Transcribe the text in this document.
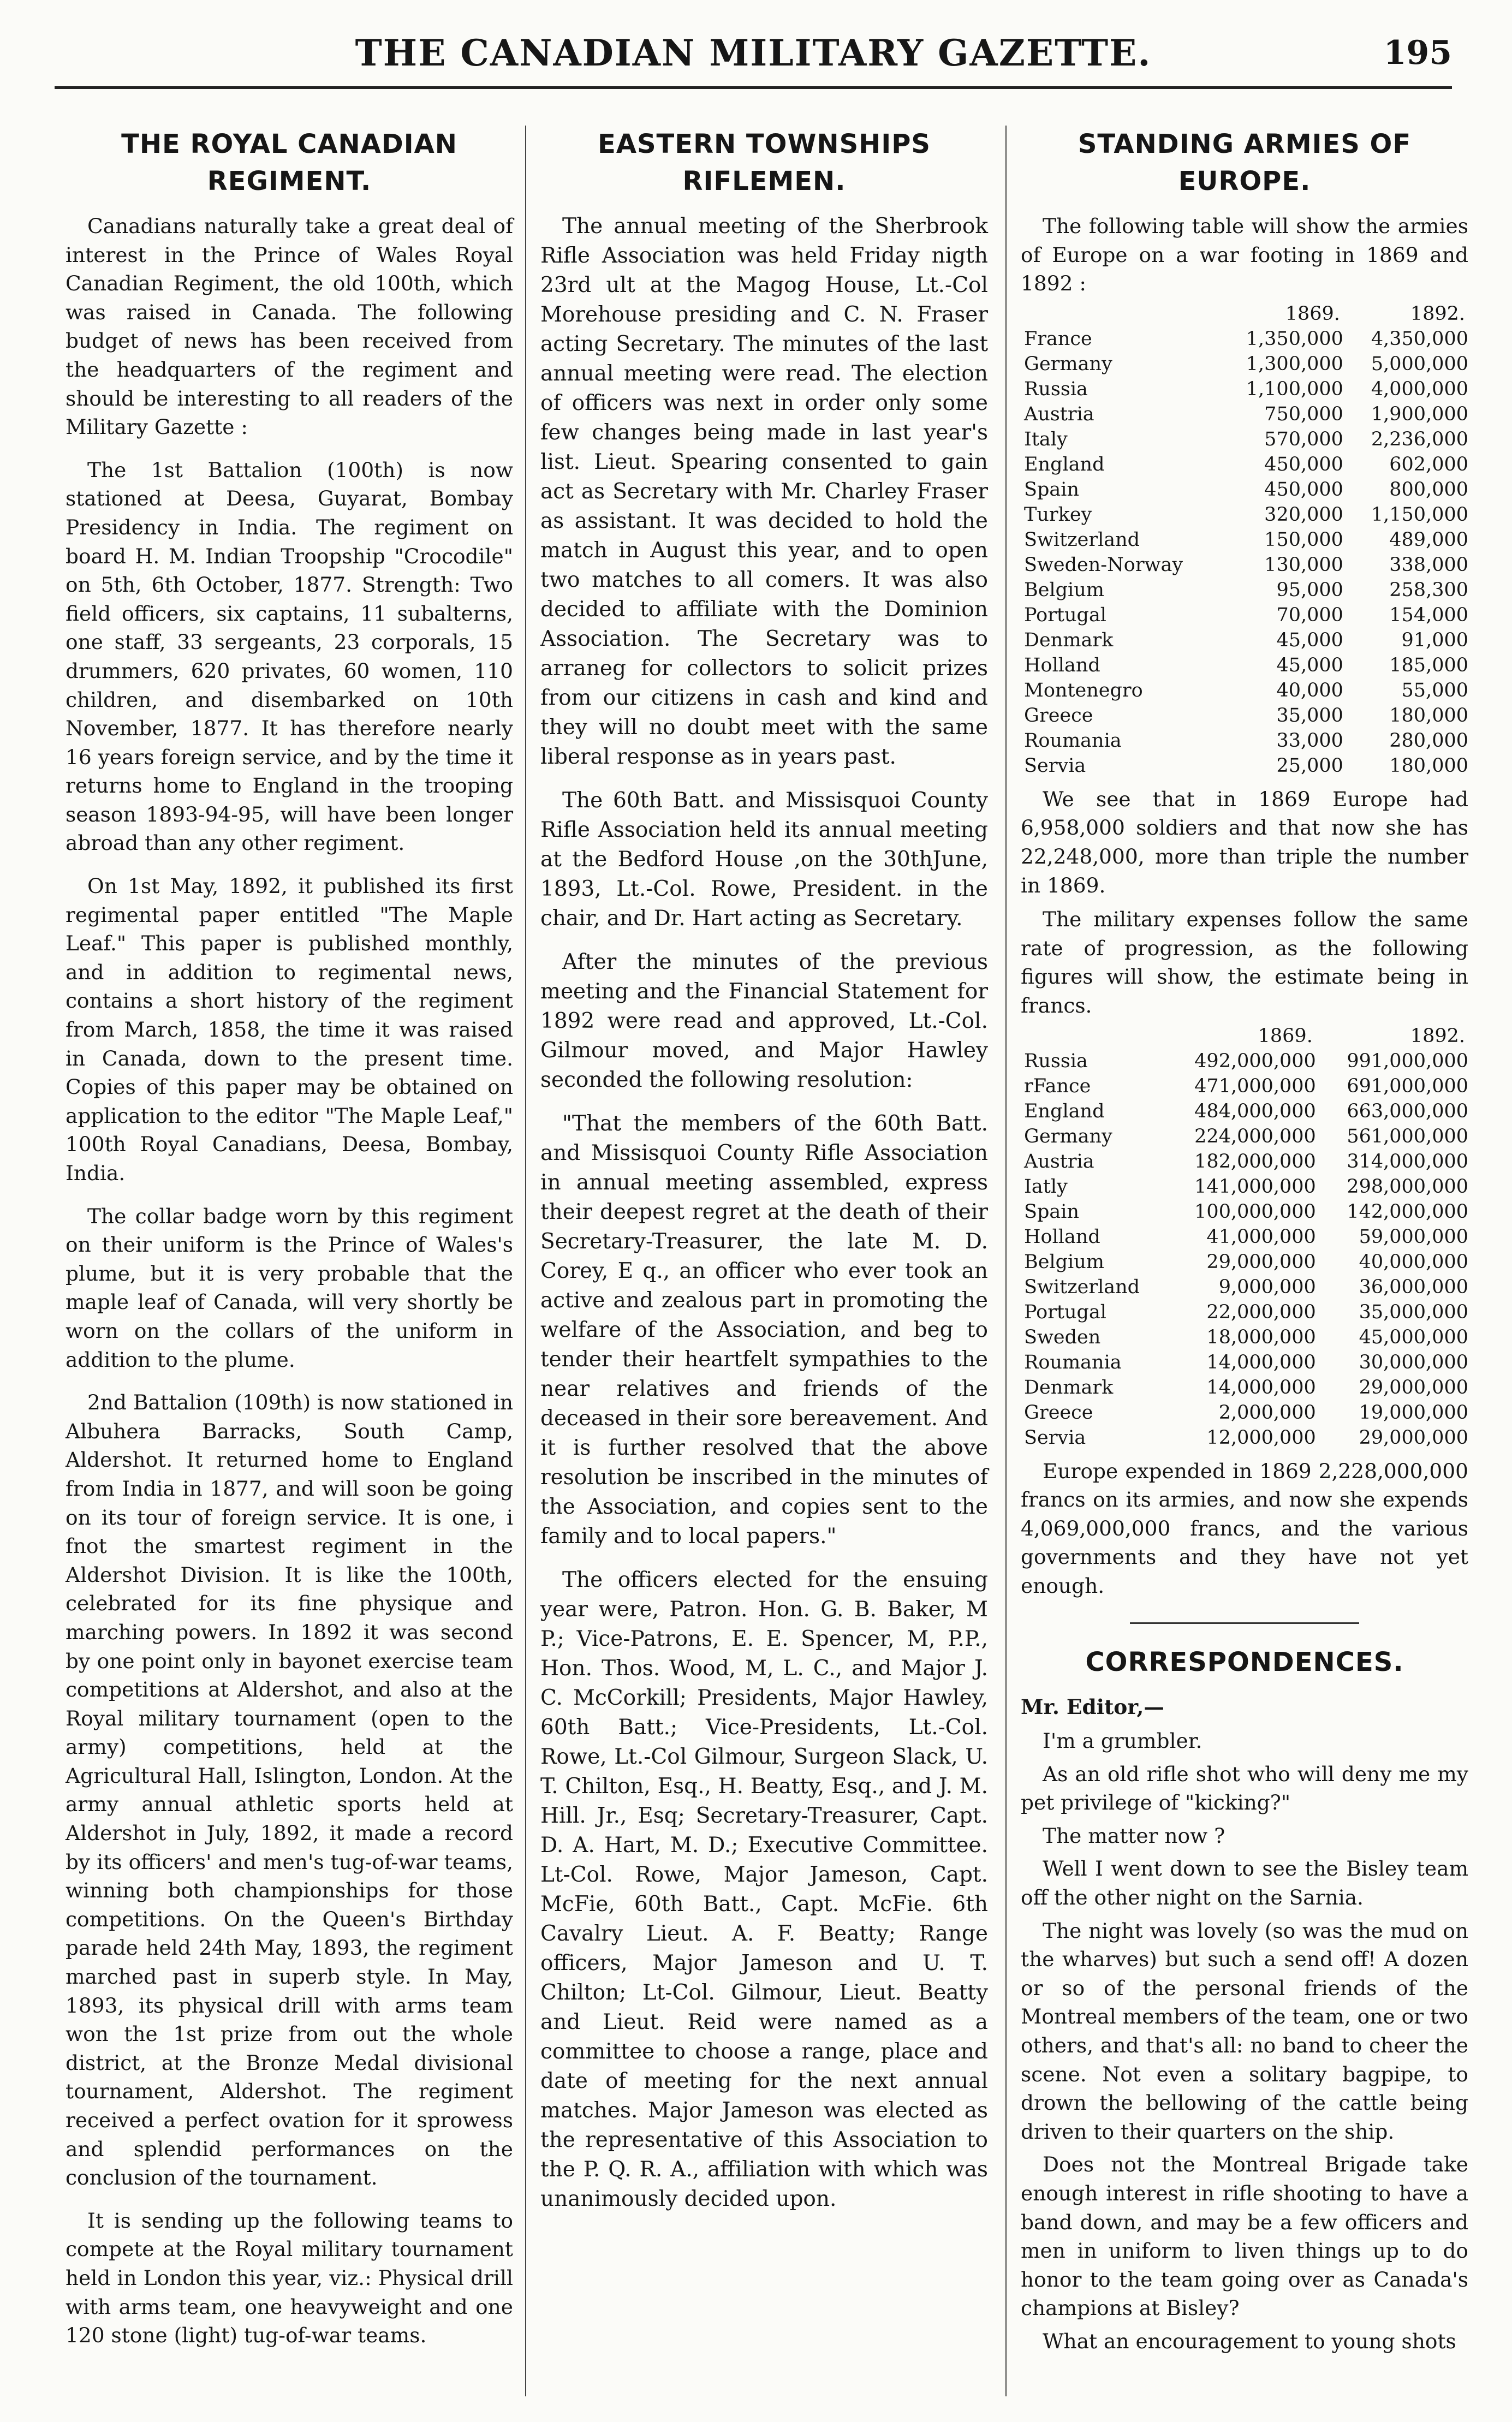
THE CANADIAN MILITARY GAZETTE.	195
THE ROYAL CANADIAN REGIMENT.

Canadians naturally take a great deal of interest in the Prince of Wales Royal Canadian Regiment, the old 100th, which was raised in Canada. The following budget of news has been received from the headquarters of the regiment and should be interesting to all readers of the Military Gazette :

The 1st Battalion (100th) is now stationed at Deesa, Guyarat, Bombay Presidency in India. The regiment on board H. M. Indian Troopship "Crocodile" on 5th, 6th October, 1877. Strength: Two field officers, six captains, 11 subalterns, one staff, 33 sergeants, 23 corporals, 15 drummers, 620 privates, 60 women, 110 children, and disembarked on 10th November, 1877. It has therefore nearly 16 years foreign service, and by the time it returns home to England in the trooping season 1893-94-95, will have been longer abroad than any other regiment.

On 1st May, 1892, it published its first regimental paper entitled "The Maple Leaf." This paper is published monthly, and in addition to regimental news, contains a short history of the regiment from March, 1858, the time it was raised in Canada, down to the present time. Copies of this paper may be obtained on application to the editor "The Maple Leaf," 100th Royal Canadians, Deesa, Bombay, India.

The collar badge worn by this regiment on their uniform is the Prince of Wales's plume, but it is very probable that the maple leaf of Canada, will very shortly be worn on the collars of the uniform in addition to the plume.

2nd Battalion (109th) is now stationed in Albuhera Barracks, South Camp, Aldershot. It returned home to England from India in 1877, and will soon be going on its tour of foreign service. It is one, i fnot the smartest regiment in the Aldershot Division. It is like the 100th, celebrated for its fine physique and marching powers. In 1892 it was second by one point only in bayonet exercise team competitions at Aldershot, and also at the Royal military tournament (open to the army) competitions, held at the Agricultural Hall, Islington, London. At the army annual athletic sports held at Aldershot in July, 1892, it made a record by its officers' and men's tug-of-war teams, winning both championships for those competitions. On the Queen's Birthday parade held 24th May, 1893, the regiment marched past in superb style. In May, 1893, its physical drill with arms team won the 1st prize from out the whole district, at the Bronze Medal divisional tournament, Aldershot. The regiment received a perfect ovation for it sprowess and splendid performances on the conclusion of the tournament.

It is sending up the following teams to compete at the Royal military tournament held in London this year, viz.: Physical drill with arms team, one heavyweight and one 120 stone (light) tug-of-war teams.

EASTERN TOWNSHIPS RIFLEMEN.

The annual meeting of the Sherbrook Rifle Association was held Friday nigth 23rd ult at the Magog House, Lt.-Col Morehouse presiding and C. N. Fraser acting Secretary. The minutes of the last annual meeting were read. The election of officers was next in order only some few changes being made in last year's list. Lieut. Spearing consented to gain act as Secretary with Mr. Charley Fraser as assistant. It was decided to hold the match in August this year, and to open two matches to all comers. It was also decided to affiliate with the Dominion Association. The Secretary was to arraneg for collectors to solicit prizes from our citizens in cash and kind and they will no doubt meet with the same liberal response as in years past.

The 60th Batt. and Missisquoi County Rifle Association held its annual meeting at the Bedford House ,on the 30thJune, 1893, Lt.-Col. Rowe, President. in the chair, and Dr. Hart acting as Secretary.

After the minutes of the previous meeting and the Financial Statement for 1892 were read and approved, Lt.-Col. Gilmour moved, and Major Hawley seconded the following resolution:

"That the members of the 60th Batt. and Missisquoi County Rifle Association in annual meeting assembled, express their deepest regret at the death of their Secretary-Treasurer, the late M. D. Corey, E q., an officer who ever took an active and zealous part in promoting the welfare of the Association, and beg to tender their heartfelt sympathies to the near relatives and friends of the deceased in their sore bereavement. And it is further resolved that the above resolution be inscribed in the minutes of the Association, and copies sent to the family and to local papers."

The officers elected for the ensuing year were, Patron. Hon. G. B. Baker, M P.; Vice-Patrons, E. E. Spencer, M, P.P., Hon. Thos. Wood, M, L. C., and Major J. C. McCorkill; Presidents, Major Hawley, 60th Batt.; Vice-Presidents, Lt.-Col. Rowe, Lt.-Col Gilmour, Surgeon Slack, U. T. Chilton, Esq., H. Beatty, Esq., and J. M. Hill. Jr., Esq; Secretary-Treasurer, Capt. D. A. Hart, M. D.; Executive Committee. Lt-Col. Rowe, Major Jameson, Capt. McFie, 60th Batt., Capt. McFie. 6th Cavalry Lieut. A. F. Beatty; Range officers, Major Jameson and U. T. Chilton; Lt-Col. Gilmour, Lieut. Beatty and Lieut. Reid were named as a committee to choose a range, place and date of meeting for the next annual matches. Major Jameson was elected as the representative of this Association to the P. Q. R. A., affiliation with which was unanimously decided upon.

STANDING ARMIES OF EUROPE.

The following table will show the armies of Europe on a war footing in 1869 and 1892 :

	1869.	1892.
France	1,350,000	4,350,000
Germany	1,300,000	5,000,000
Russia	1,100,000	4,000,000
Austria	750,000	1,900,000
Italy	570,000	2,236,000
England	450,000	602,000
Spain	450,000	800,000
Turkey	320,000	1,150,000
Switzerland	150,000	489,000
Sweden-Norway	130,000	338,000
Belgium	95,000	258,300
Portugal	70,000	154,000
Denmark	45,000	91,000
Holland	45,000	185,000
Montenegro	40,000	55,000
Greece	35,000	180,000
Roumania	33,000	280,000
Servia	25,000	180,000

We see that in 1869 Europe had 6,958,000 soldiers and that now she has 22,248,000, more than triple the number in 1869.

The military expenses follow the same rate of progression, as the following figures will show, the estimate being in francs.

	1869.	1892.
Russia	492,000,000	991,000,000
rFance	471,000,000	691,000,000
England	484,000,000	663,000,000
Germany	224,000,000	561,000,000
Austria	182,000,000	314,000,000
Iatly	141,000,000	298,000,000
Spain	100,000,000	142,000,000
Holland	41,000,000	59,000,000
Belgium	29,000,000	40,000,000
Switzerland	9,000,000	36,000,000
Portugal	22,000,000	35,000,000
Sweden	18,000,000	45,000,000
Roumania	14,000,000	30,000,000
Denmark	14,000,000	29,000,000
Greece	2,000,000	19,000,000
Servia	12,000,000	29,000,000

Europe expended in 1869 2,228,000,000 francs on its armies, and now she expends 4,069,000,000 francs, and the various governments and they have not yet enough.

CORRESPONDENCES.

Mr. Editor,—

I'm a grumbler.

As an old rifle shot who will deny me my pet privilege of "kicking?"

The matter now ?

Well I went down to see the Bisley team off the other night on the Sarnia.

The night was lovely (so was the mud on the wharves) but such a send off! A dozen or so of the personal friends of the Montreal members of the team, one or two others, and that's all: no band to cheer the scene. Not even a solitary bagpipe, to drown the bellowing of the cattle being driven to their quarters on the ship.

Does not the Montreal Brigade take enough interest in rifle shooting to have a band down, and may be a few officers and men in uniform to liven things up to do honor to the team going over as Canada's champions at Bisley?

What an encouragement to young shots
